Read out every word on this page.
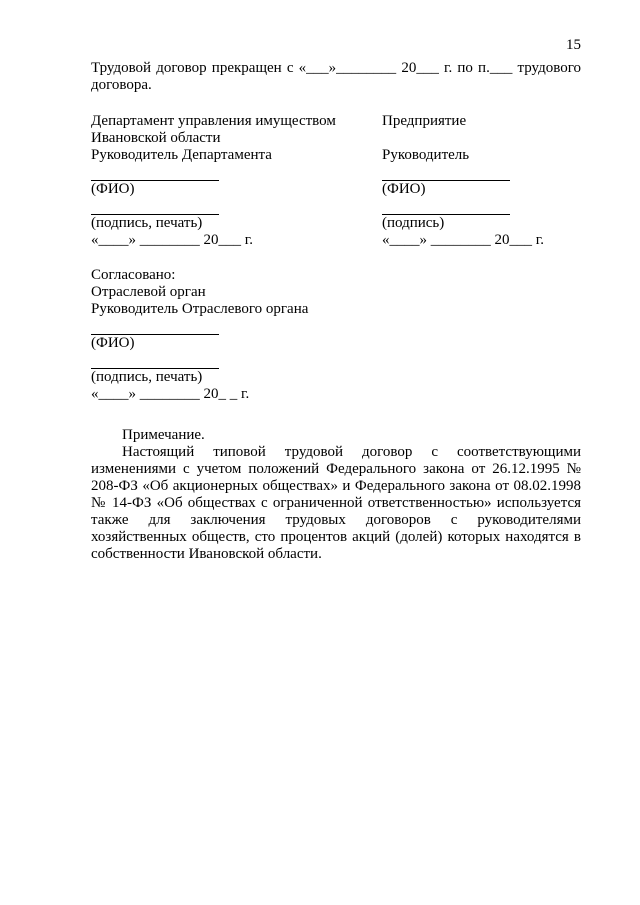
15

Трудовой договор прекращен с «___»________ 20___ г. по п.___ трудового договора.

Департамент управления имуществом
Ивановской области
Руководитель Департамента
(ФИО)
(подпись, печать)
«____» ________ 20___ г.
Предприятие
Руководитель
(ФИО)
(подпись)
«____» ________ 20___ г.
Согласовано:
Отраслевой орган
Руководитель Отраслевого органа
(ФИО)
(подпись, печать)
«____» ________ 20_ _ г.
Примечание.

Настоящий типовой трудовой договор с соответствующими изменениями с учетом положений Федерального закона от 26.12.1995 № 208-ФЗ «Об акционерных обществах» и Федерального закона от 08.02.1998 № 14-ФЗ «Об обществах с ограниченной ответственностью» используется также для заключения трудовых договоров с руководителями хозяйственных обществ, сто процентов акций (долей) которых находятся в собственности Ивановской области.
